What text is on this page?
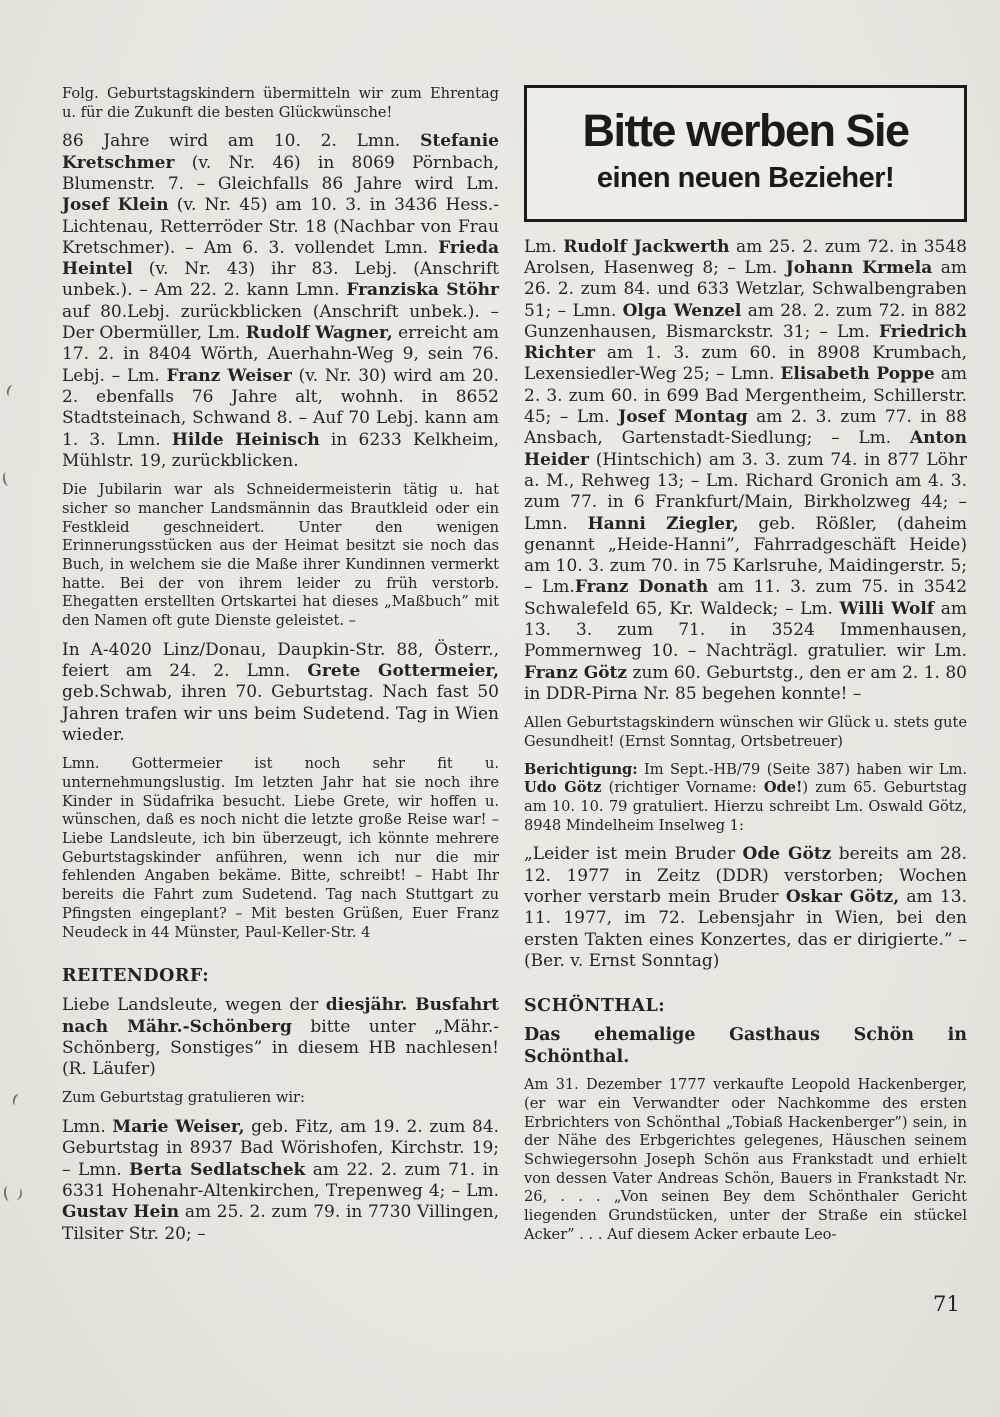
Folg. Geburtstagskindern übermitteln wir zum Ehrentag u. für die Zukunft die besten Glückwünsche!
86 Jahre wird am 10. 2. Lmn. Stefanie Kretschmer (v. Nr. 46) in 8069 Pörnbach, Blumenstr. 7. – Gleichfalls 86 Jahre wird Lm. Josef Klein (v. Nr. 45) am 10. 3. in 3436 Hess.-Lichtenau, Retterröder Str. 18 (Nachbar von Frau Kretschmer). – Am 6. 3. vollendet Lmn. Frieda Heintel (v. Nr. 43) ihr 83. Lebj. (Anschrift unbek.). – Am 22. 2. kann Lmn. Franziska Stöhr auf 80.Lebj. zurückblicken (Anschrift unbek.). – Der Obermüller, Lm. Rudolf Wagner, erreicht am 17. 2. in 8404 Wörth, Auerhahn-Weg 9, sein 76. Lebj. – Lm. Franz Weiser (v. Nr. 30) wird am 20. 2. ebenfalls 76 Jahre alt, wohnh. in 8652 Stadtsteinach, Schwand 8. – Auf 70 Lebj. kann am 1. 3. Lmn. Hilde Heinisch in 6233 Kelkheim, Mühlstr. 19, zurückblicken.
Die Jubilarin war als Schneidermeisterin tätig u. hat sicher so mancher Landsmännin das Brautkleid oder ein Festkleid geschneidert. Unter den wenigen Erinnerungsstücken aus der Heimat besitzt sie noch das Buch, in welchem sie die Maße ihrer Kundinnen vermerkt hatte. Bei der von ihrem leider zu früh verstorb. Ehegatten erstellten Ortskartei hat dieses „Maßbuch” mit den Namen oft gute Dienste geleistet. –
In A-4020 Linz/Donau, Daupkin-Str. 88, Österr., feiert am 24. 2. Lmn. Grete Gottermeier, geb.Schwab, ihren 70. Geburtstag. Nach fast 50 Jahren trafen wir uns beim Sudetend. Tag in Wien wieder.
Lmn. Gottermeier ist noch sehr fit u. unternehmungslustig. Im letzten Jahr hat sie noch ihre Kinder in Südafrika besucht. Liebe Grete, wir hoffen u. wünschen, daß es noch nicht die letzte große Reise war! – Liebe Landsleute, ich bin überzeugt, ich könnte mehrere Geburtstagskinder anführen, wenn ich nur die mir fehlenden Angaben bekäme. Bitte, schreibt! – Habt Ihr bereits die Fahrt zum Sudetend. Tag nach Stuttgart zu Pfingsten eingeplant? – Mit besten Grüßen, Euer Franz Neudeck in 44 Münster, Paul-Keller-Str. 4
REITENDORF:
Liebe Landsleute, wegen der diesjähr. Busfahrt nach Mähr.-Schönberg bitte unter „Mähr.-Schönberg, Sonstiges” in diesem HB nachlesen! (R. Läufer)
Zum Geburtstag gratulieren wir:
Lmn. Marie Weiser, geb. Fitz, am 19. 2. zum 84. Geburtstag in 8937 Bad Wörishofen, Kirchstr. 19; – Lmn. Berta Sedlatschek am 22. 2. zum 71. in 6331 Hohenahr-Altenkirchen, Trepenweg 4; – Lm. Gustav Hein am 25. 2. zum 79. in 7730 Villingen, Tilsiter Str. 20; –
Bitte werben Sie
einen neuen Bezieher!
Lm. Rudolf Jackwerth am 25. 2. zum 72. in 3548 Arolsen, Hasenweg 8; – Lm. Johann Krmela am 26. 2. zum 84. und 633 Wetzlar, Schwalbengraben 51; – Lmn. Olga Wenzel am 28. 2. zum 72. in 882 Gunzenhausen, Bismarckstr. 31; – Lm. Friedrich Richter am 1. 3. zum 60. in 8908 Krumbach, Lexensiedler-Weg 25; – Lmn. Elisabeth Poppe am 2. 3. zum 60. in 699 Bad Mergentheim, Schillerstr. 45; – Lm. Josef Montag am 2. 3. zum 77. in 88 Ansbach, Gartenstadt-Siedlung; – Lm. Anton Heider (Hintschich) am 3. 3. zum 74. in 877 Löhr a. M., Rehweg 13; – Lm. Richard Gronich am 4. 3. zum 77. in 6 Frankfurt/Main, Birkholzweg 44; – Lmn. Hanni Ziegler, geb. Rößler, (daheim genannt „Heide-Hanni”, Fahrradgeschäft Heide) am 10. 3. zum 70. in 75 Karlsruhe, Maidingerstr. 5; – Lm.Franz Donath am 11. 3. zum 75. in 3542 Schwalefeld 65, Kr. Waldeck; – Lm. Willi Wolf am 13. 3. zum 71. in 3524 Immenhausen, Pommernweg 10. – Nachträgl. gratulier. wir Lm. Franz Götz zum 60. Geburtstg., den er am 2. 1. 80 in DDR-Pirna Nr. 85 begehen konnte! –
Allen Geburtstagskindern wünschen wir Glück u. stets gute Gesundheit! (Ernst Sonntag, Ortsbetreuer)
Berichtigung: Im Sept.-HB/79 (Seite 387) haben wir Lm. Udo Götz (richtiger Vorname: Ode!) zum 65. Geburtstag am 10. 10. 79 gratuliert. Hierzu schreibt Lm. Oswald Götz, 8948 Mindelheim Inselweg 1:
„Leider ist mein Bruder Ode Götz bereits am 28. 12. 1977 in Zeitz (DDR) verstorben; Wochen vorher verstarb mein Bruder Oskar Götz, am 13. 11. 1977, im 72. Lebensjahr in Wien, bei den ersten Takten eines Konzertes, das er dirigierte.” – (Ber. v. Ernst Sonntag)
SCHÖNTHAL:
Das ehemalige Gasthaus Schön in Schönthal.
Am 31. Dezember 1777 verkaufte Leopold Hackenberger, (er war ein Verwandter oder Nachkomme des ersten Erbrichters von Schönthal „Tobiaß Hackenberger”) sein, in der Nähe des Erbgerichtes gelegenes, Häuschen seinem Schwiegersohn Joseph Schön aus Frankstadt und erhielt von dessen Vater Andreas Schön, Bauers in Frankstadt Nr. 26, . . . „Von seinen Bey dem Schönthaler Gericht liegenden Grundstücken, unter der Straße ein stückel Acker” . . . Auf diesem Acker erbaute Leo-
71
